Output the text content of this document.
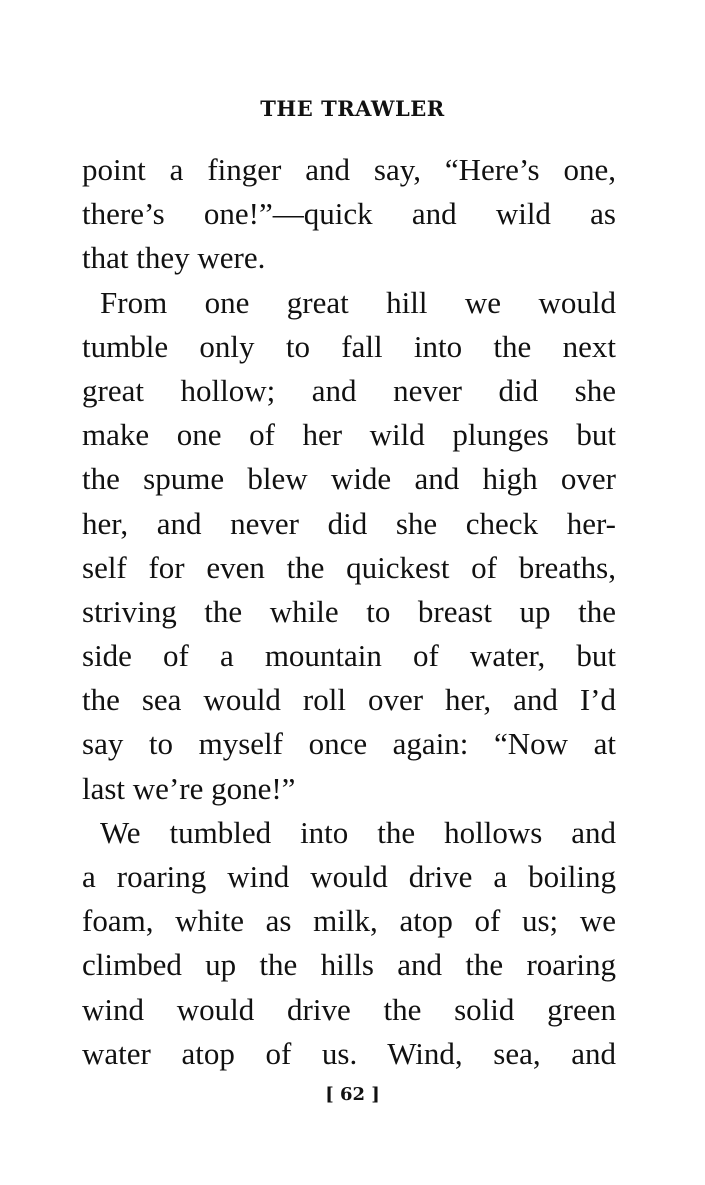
THE TRAWLER
point a finger and say, “Here’s one,
there’s one!”—quick and wild as
that they were.
From one great hill we would
tumble only to fall into the next
great hollow; and never did she
make one of her wild plunges but
the spume blew wide and high over
her, and never did she check her-
self for even the quickest of breaths,
striving the while to breast up the
side of a mountain of water, but
the sea would roll over her, and I’d
say to myself once again: “Now at
last we’re gone!”
We tumbled into the hollows and
a roaring wind would drive a boiling
foam, white as milk, atop of us; we
climbed up the hills and the roaring
wind would drive the solid green
water atop of us. Wind, sea, and
[ 62 ]
